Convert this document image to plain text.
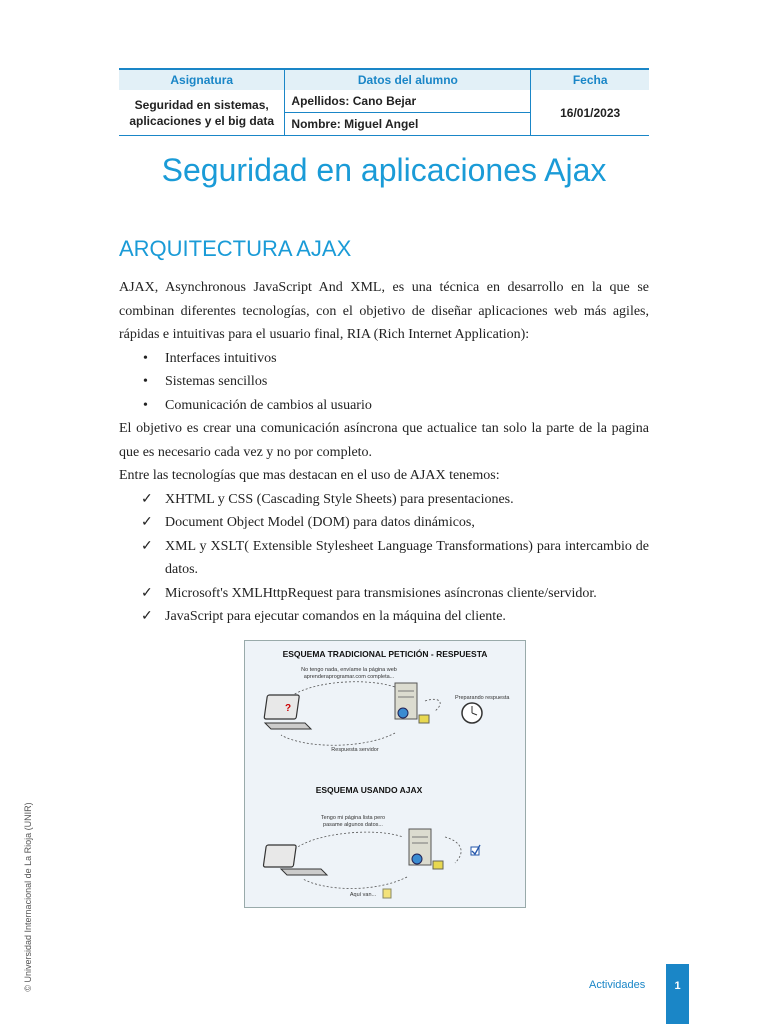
Asignatura	Datos del alumno	Fecha

Seguridad en sistemas,
aplicaciones y el big data	Apellidos: Cano Bejar	16/01/2023
	Nombre: Miguel Angel	
Seguridad en aplicaciones Ajax
ARQUITECTURA AJAX

AJAX, Asynchronous JavaScript And XML, es una técnica en desarrollo en la que se combinan diferentes tecnologías, con el objetivo de diseñar aplicaciones web más agiles, rápidas e intuitivas para el usuario final, RIA (Rich Internet Application):

• Interfaces intuitivos
• Sistemas sencillos
• Comunicación de cambios al usuario

El objetivo es crear una comunicación asíncrona que actualice tan solo la parte de la pagina que es necesario cada vez y no por completo.

Entre las tecnologías que mas destacan en el uso de AJAX tenemos:

✓ XHTML y CSS (Cascading Style Sheets) para presentaciones.
✓ Document Object Model (DOM) para datos dinámicos,
✓ XML y XSLT( Extensible Stylesheet Language Transformations) para intercambio de datos.
✓ Microsoft's XMLHttpRequest para transmisiones asíncronas cliente/servidor.
✓ JavaScript para ejecutar comandos en la máquina del cliente.
ESQUEMA TRADICIONAL PETICIÓN - RESPUESTA
No tengo nada, envíame la página web
aprenderaprogramar.com completa...
?
Preparando respuesta
Respuesta servidor
ESQUEMA USANDO AJAX
Tengo mi página lista pero
pasame algunos datos...
Aquí van...
© Universidad Internacional de La Rioja (UNIR)	Actividades	1
